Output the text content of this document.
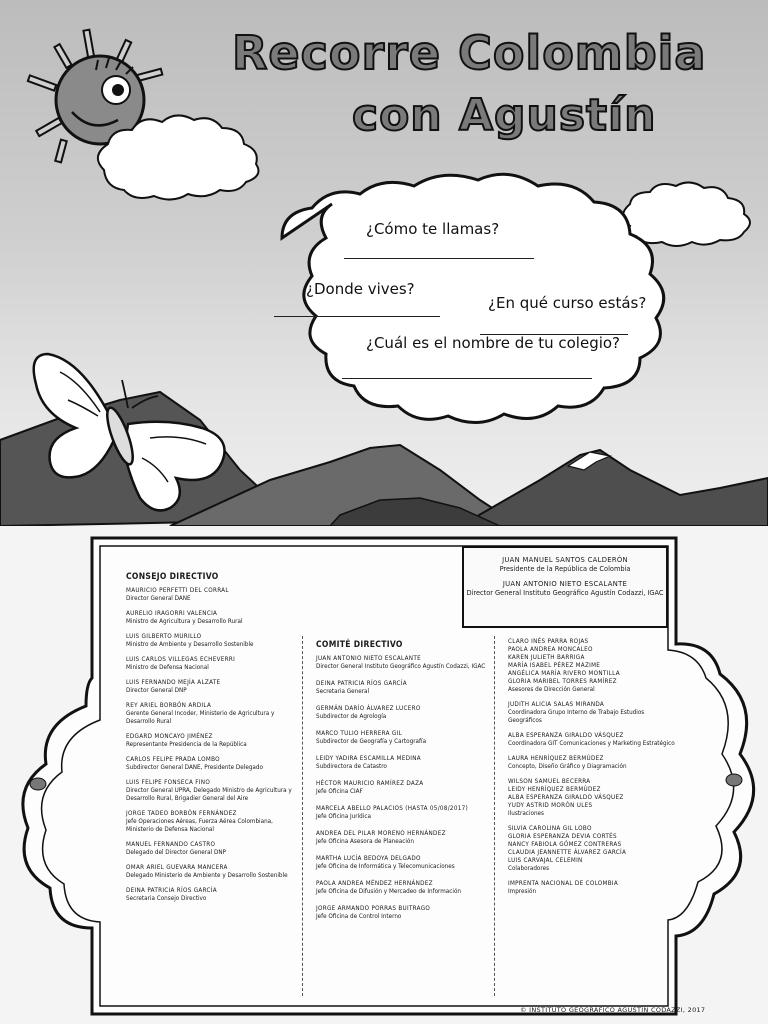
Recorre Colombia
con Agustín
¿Cómo te llamas?
¿Donde vives?
¿En qué curso estás?
¿Cuál es el nombre de tu colegio?
JUAN MANUEL SANTOS CALDERÓN
Presidente de la República de Colombia
JUAN ANTONIO NIETO ESCALANTE
Director General Instituto Geográfico Agustín Codazzi, IGAC
CONSEJO DIRECTIVO
MAURICIO PERFETTI DEL CORRAL
Director General DANE
AURELIO IRAGORRI VALENCIA
Ministro de Agricultura y Desarrollo Rural
LUIS GILBERTO MURILLO
Ministro de Ambiente y Desarrollo Sostenible
LUIS CARLOS VILLEGAS ECHEVERRI
Ministro de Defensa Nacional
LUIS FERNANDO MEJÍA ALZATE
Director General DNP
REY ARIEL BORBÓN ARDILA
Gerente General Incoder, Ministerio de Agricultura y Desarrollo Rural
EDGARD MONCAYO JIMÉNEZ
Representante Presidencia de la República
CARLOS FELIPE PRADA LOMBO
Subdirector General DANE, Presidente Delegado
LUIS FELIPE FONSECA FINO
Director General UPRA, Delegado Ministro de Agricultura y Desarrollo Rural, Brigadier General del Aire
JORGE TADEO BORBÓN FERNÁNDEZ
Jefe Operaciones Aéreas, Fuerza Aérea Colombiana, Ministerio de Defensa Nacional
MANUEL FERNANDO CASTRO
Delegado del Director General DNP
OMAR ARIEL GUEVARA MANCERA
Delegado Ministerio de Ambiente y Desarrollo Sostenible
DEINA PATRICIA RÍOS GARCÍA
Secretaria Consejo Directivo
COMITÉ DIRECTIVO
JUAN ANTONIO NIETO ESCALANTE
Director General Instituto Geográfico Agustín Codazzi, IGAC
DEINA PATRICIA RÍOS GARCÍA
Secretaria General
GERMÁN DARÍO ÁLVAREZ LUCERO
Subdirector de Agrología
MARCO TULIO HERRERA GIL
Subdirector de Geografía y Cartografía
LEIDY YADIRA ESCAMILLA MEDINA
Subdirectora de Catastro
HÉCTOR MAURICIO RAMÍREZ DAZA
Jefe Oficina CIAF
MARCELA ABELLO PALACIOS (HASTA 05/08/2017)
Jefe Oficina Jurídica
ANDREA DEL PILAR MORENO HERNÁNDEZ
Jefe Oficina Asesora de Planeación
MARTHA LUCÍA BEDOYA DELGADO
Jefe Oficina de Informática y Telecomunicaciones
PAOLA ANDREA MÉNDEZ HERNÁNDEZ
Jefe Oficina de Difusión y Mercadeo de Información
JORGE ARMANDO PORRAS BUITRAGO
Jefe Oficina de Control Interno
CLARO INÉS PARRA ROJAS
PAOLA ANDREA MONCALEO
KAREN JULIETH BARRIGA
MARÍA ISABEL PÉREZ MAZIME
ANGÉLICA MARÍA RIVERO MONTILLA
GLORIA MARIBEL TORRES RAMÍREZ
Asesores de Dirección General
JUDITH ALICIA SALAS MIRANDA
Coordinadora Grupo Interno de Trabajo Estudios Geográficos
ALBA ESPERANZA GIRALDO VÁSQUEZ
Coordinadora GIT Comunicaciones y Marketing Estratégico
LAURA HENRÍQUEZ BERMÚDEZ
Concepto, Diseño Gráfico y Diagramación
WILSON SAMUEL BECERRA
LEIDY HENRÍQUEZ BERMÚDEZ
ALBA ESPERANZA GIRALDO VÁSQUEZ
YUDY ASTRID MORÓN ULES
Ilustraciones
SILVIA CAROLINA GIL LOBO
GLORIA ESPERANZA DEVIA CORTÉS
NANCY FABIOLA GÓMEZ CONTRERAS
CLAUDIA JEANNETTE ÁLVAREZ GARCÍA
LUIS CARVAJAL CELEMIN
Colaboradores
IMPRENTA NACIONAL DE COLOMBIA
Impresión
© INSTITUTO GEOGRÁFICO AGUSTÍN CODAZZI, 2017
